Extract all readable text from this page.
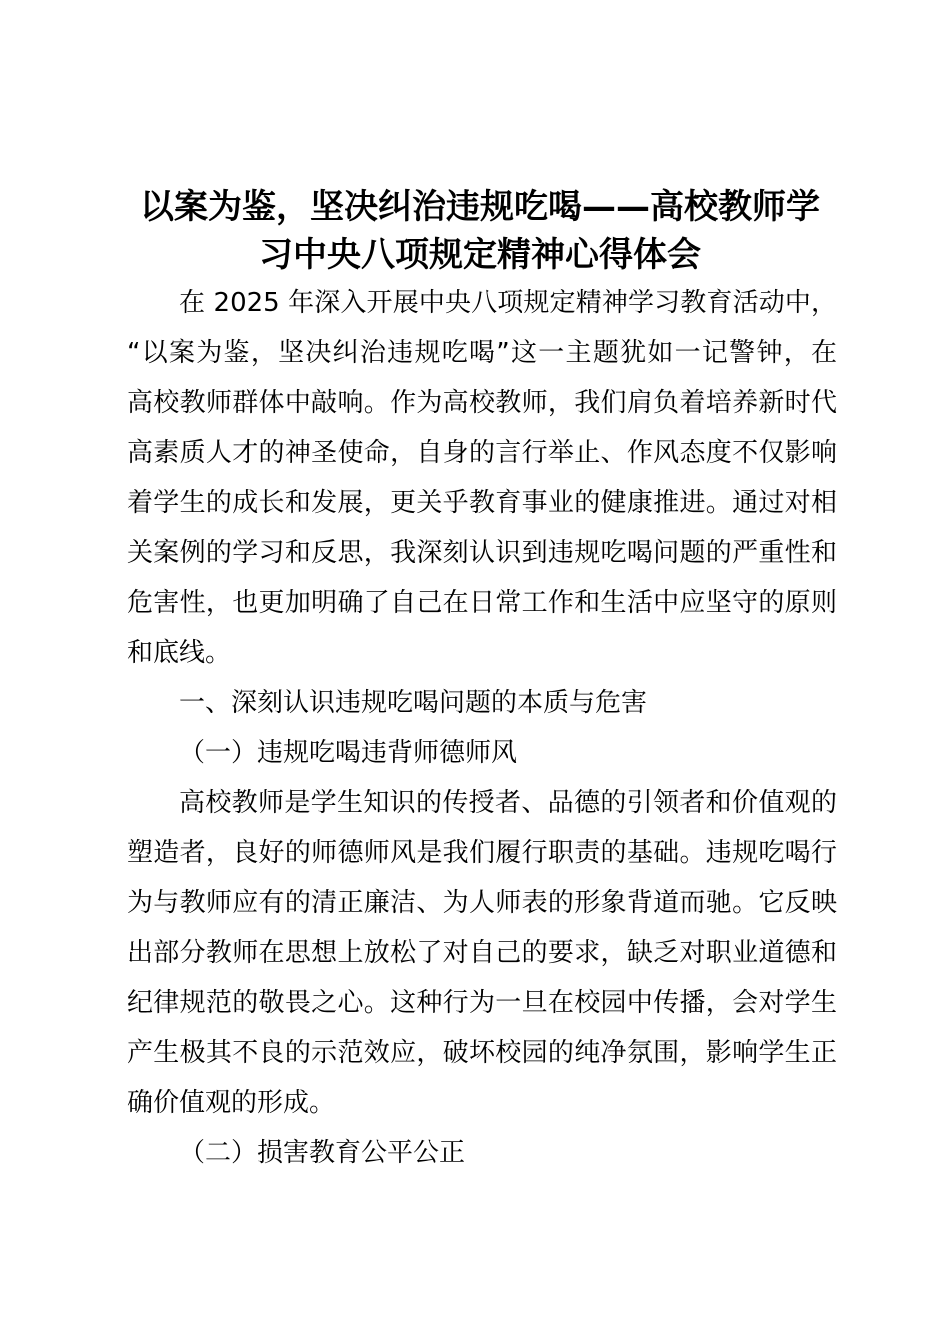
以案为鉴，坚决纠治违规吃喝——高校教师学
习中央八项规定精神心得体会
在 2025 年深入开展中央八项规定精神学习教育活动中，
“以案为鉴，坚决纠治违规吃喝”这一主题犹如一记警钟，在
高校教师群体中敲响。作为高校教师，我们肩负着培养新时代
高素质人才的神圣使命，自身的言行举止、作风态度不仅影响
着学生的成长和发展，更关乎教育事业的健康推进。通过对相
关案例的学习和反思，我深刻认识到违规吃喝问题的严重性和
危害性，也更加明确了自己在日常工作和生活中应坚守的原则
和底线。
一、深刻认识违规吃喝问题的本质与危害
（一）违规吃喝违背师德师风
高校教师是学生知识的传授者、品德的引领者和价值观的
塑造者，良好的师德师风是我们履行职责的基础。违规吃喝行
为与教师应有的清正廉洁、为人师表的形象背道而驰。它反映
出部分教师在思想上放松了对自己的要求，缺乏对职业道德和
纪律规范的敬畏之心。这种行为一旦在校园中传播，会对学生
产生极其不良的示范效应，破坏校园的纯净氛围，影响学生正
确价值观的形成。
（二）损害教育公平公正
